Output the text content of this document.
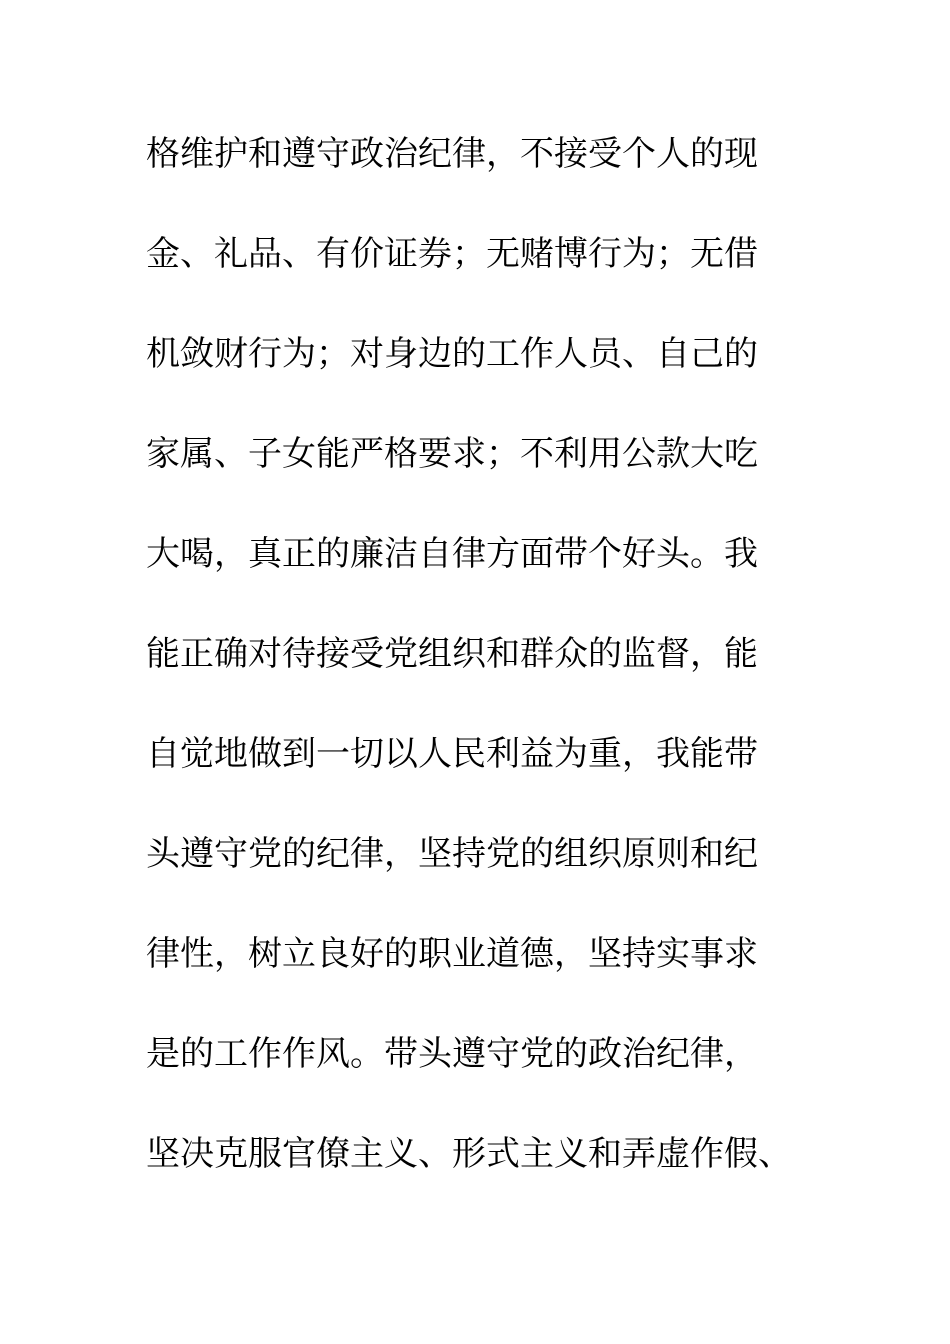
格维护和遵守政治纪律，不接受个人的现
金、礼品、有价证券；无赌博行为；无借
机敛财行为；对身边的工作人员、自己的
家属、子女能严格要求；不利用公款大吃
大喝，真正的廉洁自律方面带个好头。我
能正确对待接受党组织和群众的监督，能
自觉地做到一切以人民利益为重，我能带
头遵守党的纪律，坚持党的组织原则和纪
律性，树立良好的职业道德，坚持实事求
是的工作作风。带头遵守党的政治纪律，
坚决克服官僚主义、形式主义和弄虚作假、
